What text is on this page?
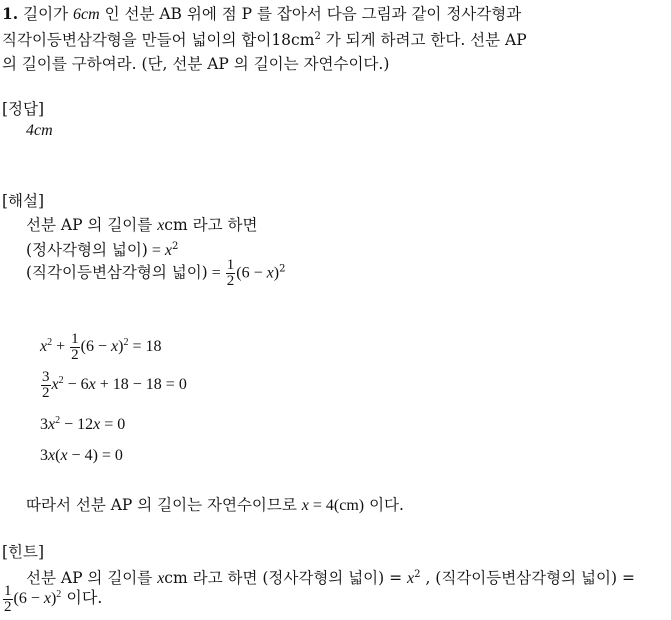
1. 길이가 6cm 인 선분 AB 위에 점 P 를 잡아서 다음 그림과 같이 정사각형과
직각이등변삼각형을 만들어 넓이의 합이$18cm^2$ 가 되게 하려고 한다. 선분 AP
의 길이를 구하여라. (단, 선분 AP 의 길이는 자연수이다.)
[정답]
4cm
[해설]
선분 AP 의 길이를 xcm 라고 하면
(정사각형의 넓이) = $x^2$
(직각이등변삼각형의 넓이) = $\frac{1}{2} (6 - x)^2$
$x^2 + \frac{1}{2} (6 - x)^2 = 18$
$\frac{3}{2} x^2 - 6x + 18 - 18 = 0$
$3x^2 - 12x = 0$
3x(x − 4) = 0
따라서 선분 AP 의 길이는 자연수이므로 x = 4(cm) 이다.
[힌트]
선분 AP 의 길이를 xcm 라고 하면 (정사각형의 넓이) = $x^2$ , (직각이등변삼각형의 넓이) =
$\frac{1}{2} (6 - x)^2$ 이다.
